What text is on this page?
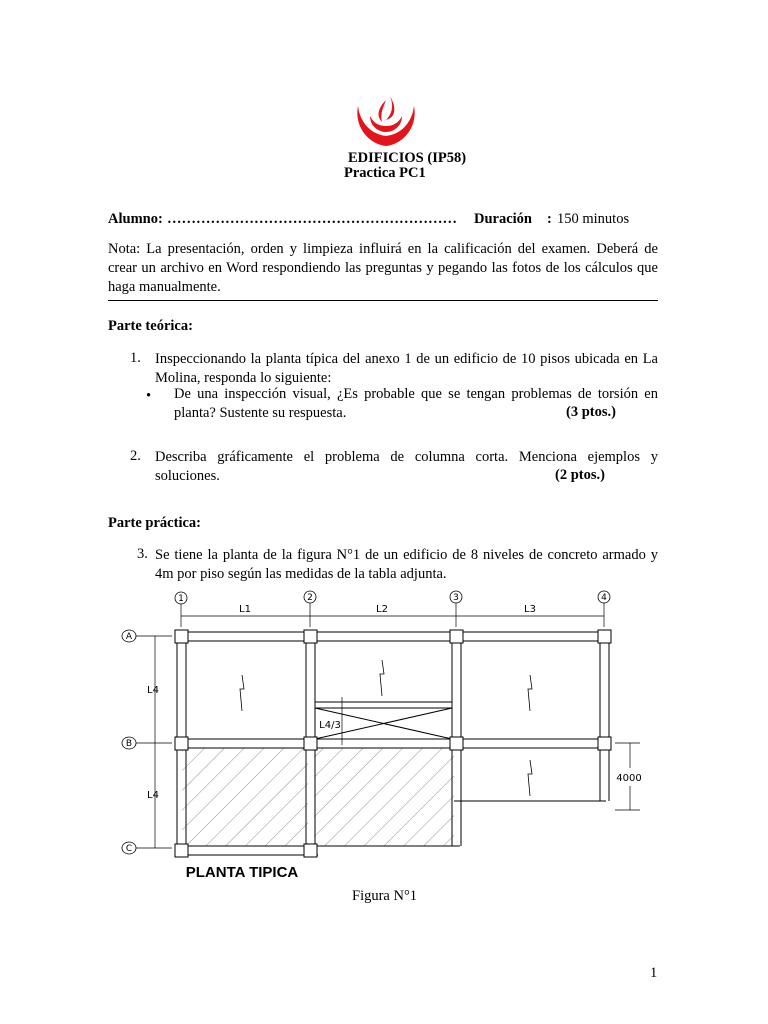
EDIFICIOS (IP58)
Practica PC1
Alumno: …………………………………………………… Duración : 150 minutos
Nota: La presentación, orden y limpieza influirá en la calificación del examen. Deberá de crear un archivo en Word respondiendo las preguntas y pegando las fotos de los cálculos que haga manualmente.
Parte teórica:
1. Inspeccionando la planta típica del anexo 1 de un edificio de 10 pisos ubicada en La Molina, responda lo siguiente:
• De una inspección visual, ¿Es probable que se tengan problemas de torsión en planta? Sustente su respuesta.	(3 ptos.)
2. Describa gráficamente el problema de columna corta. Menciona ejemplos y soluciones.	(2 ptos.)
Parte práctica:
3. Se tiene la planta de la figura N°1 de un edificio de 8 niveles de concreto armado y 4m por piso según las medidas de la tabla adjunta.
1	2	3	4
A
B
C
L1	L2	L3
L4
L4
L4/3
4000
PLANTA TIPICA
Figura N°1
1
